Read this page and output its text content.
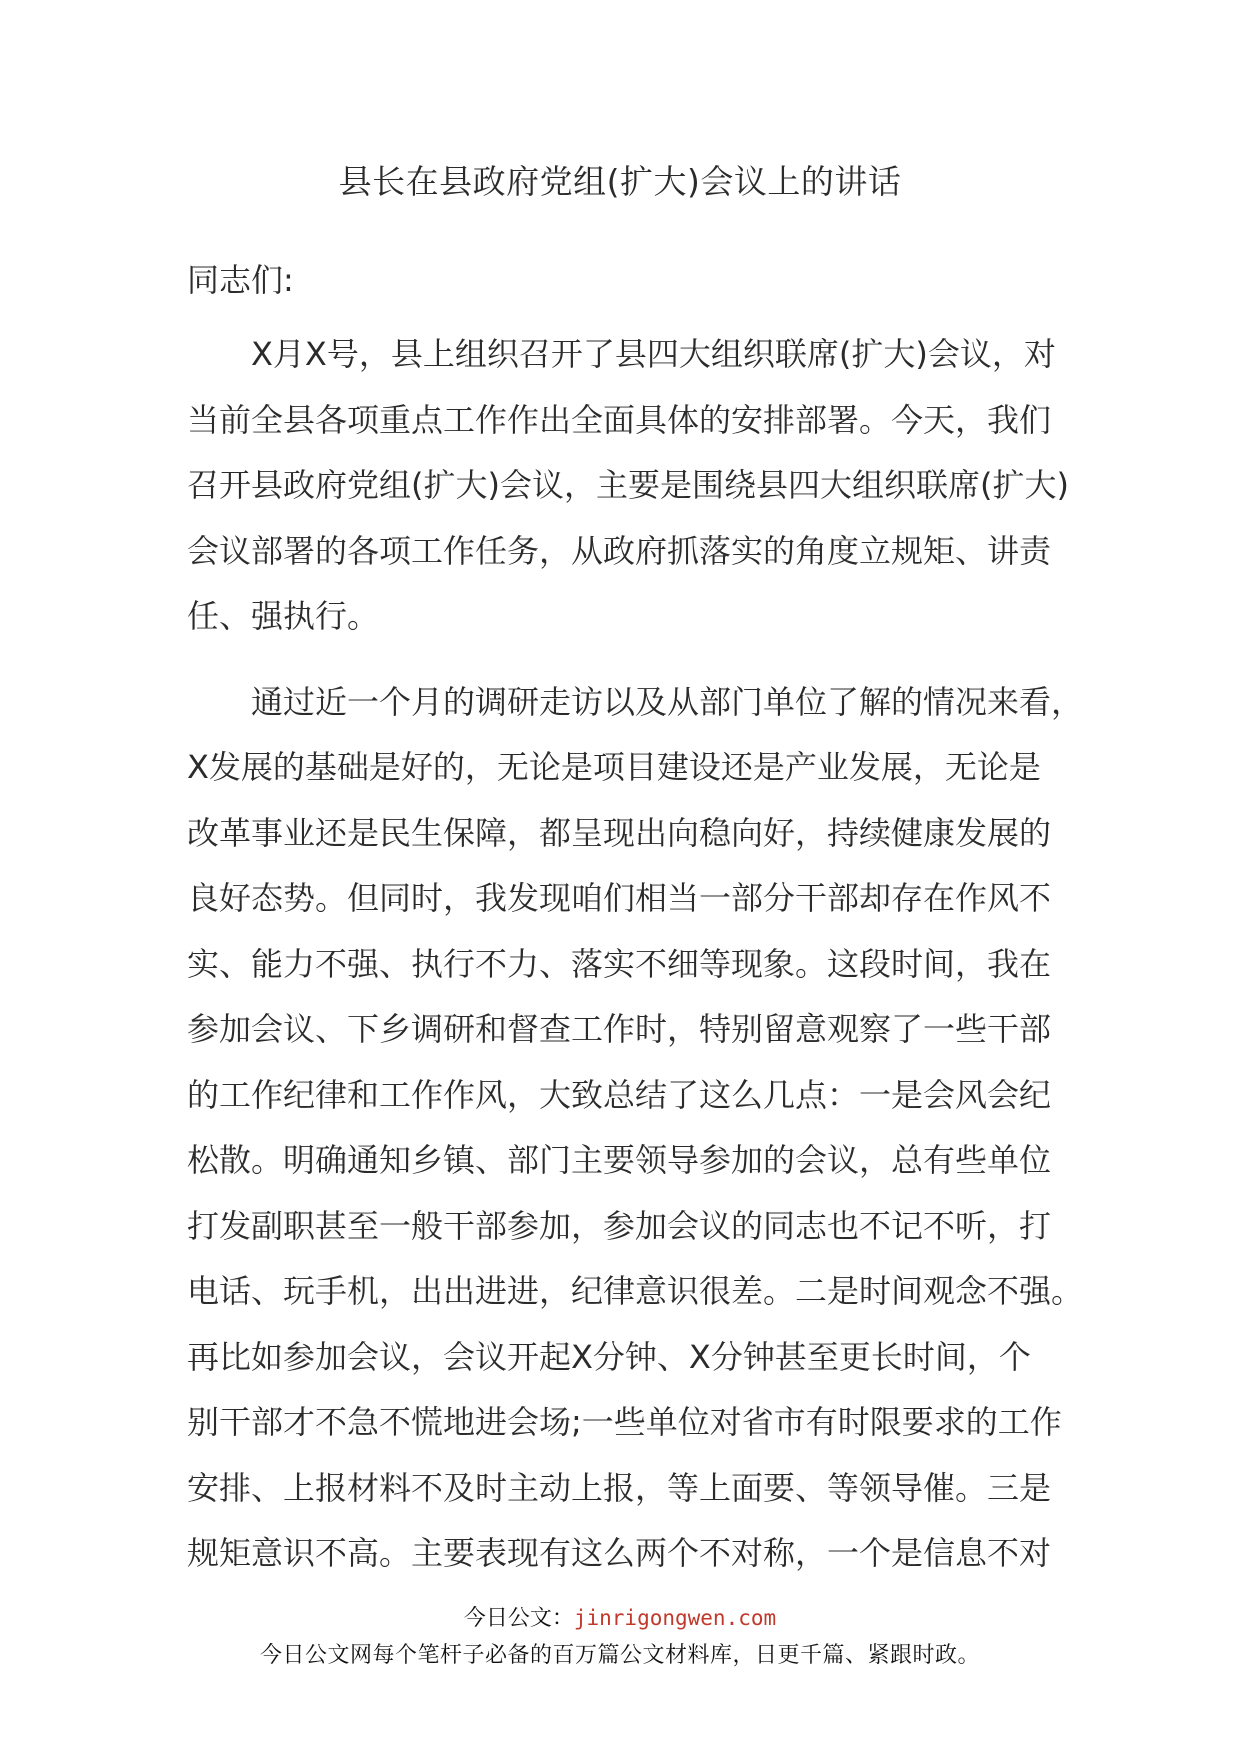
县长在县政府党组(扩大)会议上的讲话

同志们:

X月X号，县上组织召开了县四大组织联席(扩大)会议，对
当前全县各项重点工作作出全面具体的安排部署。今天，我们
召开县政府党组(扩大)会议，主要是围绕县四大组织联席(扩大)
会议部署的各项工作任务，从政府抓落实的角度立规矩、讲责
任、强执行。

通过近一个月的调研走访以及从部门单位了解的情况来看，
X发展的基础是好的，无论是项目建设还是产业发展，无论是
改革事业还是民生保障，都呈现出向稳向好，持续健康发展的
良好态势。但同时，我发现咱们相当一部分干部却存在作风不
实、能力不强、执行不力、落实不细等现象。这段时间，我在
参加会议、下乡调研和督查工作时，特别留意观察了一些干部
的工作纪律和工作作风，大致总结了这么几点：一是会风会纪
松散。明确通知乡镇、部门主要领导参加的会议，总有些单位
打发副职甚至一般干部参加，参加会议的同志也不记不听，打
电话、玩手机，出出进进，纪律意识很差。二是时间观念不强。
再比如参加会议，会议开起X分钟、X分钟甚至更长时间，个
别干部才不急不慌地进会场;一些单位对省市有时限要求的工作
安排、上报材料不及时主动上报，等上面要、等领导催。三是
规矩意识不高。主要表现有这么两个不对称，一个是信息不对

今日公文：jinrigongwen.com
今日公文网每个笔杆子必备的百万篇公文材料库，日更千篇、紧跟时政。
